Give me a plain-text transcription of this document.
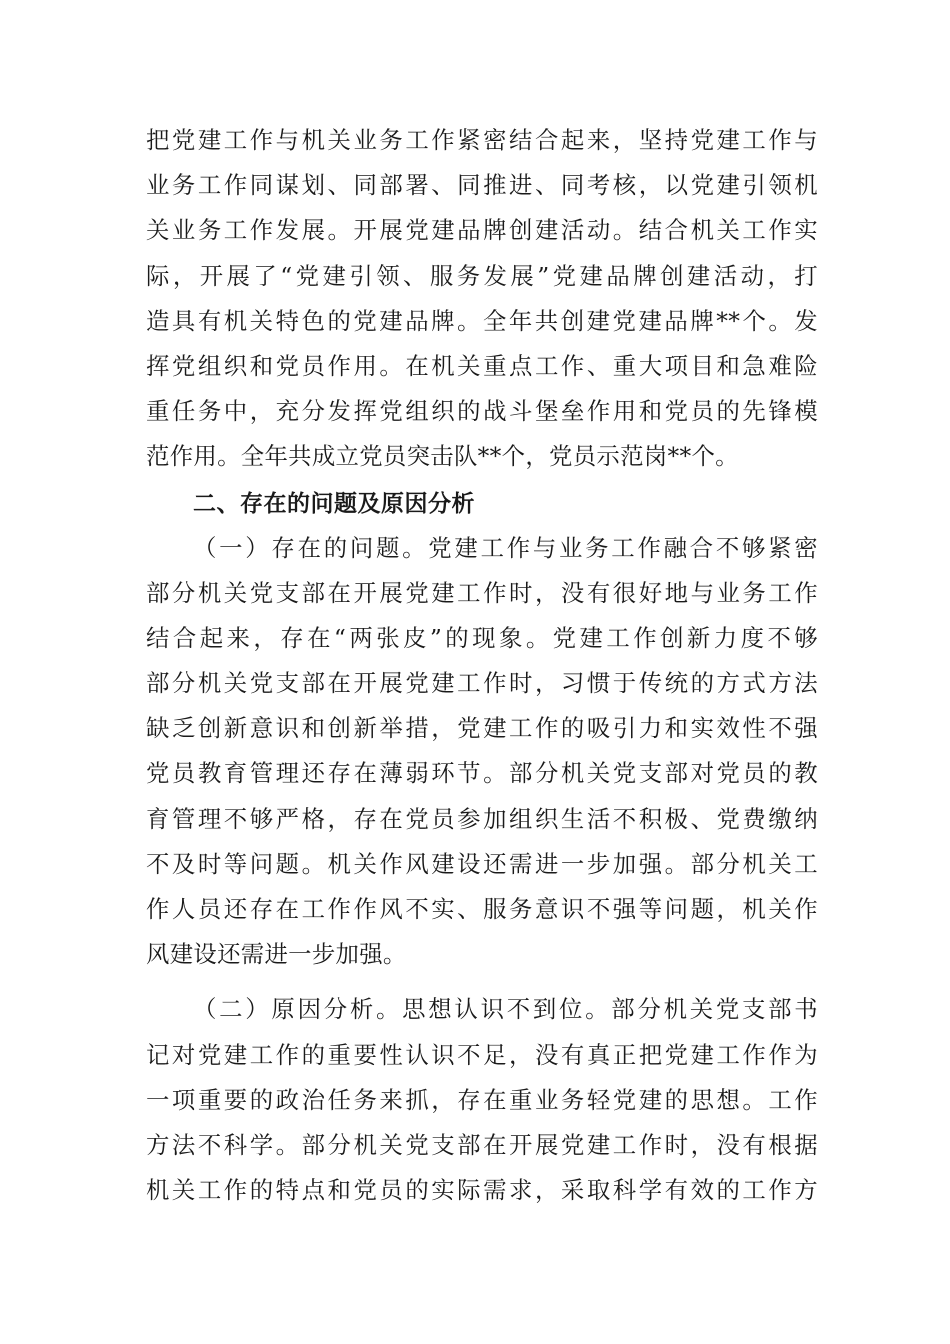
把党建工作与机关业务工作紧密结合起来，坚持党建工作与
业务工作同谋划、同部署、同推进、同考核，以党建引领机
关业务工作发展。开展党建品牌创建活动。结合机关工作实
际，开展了“党建引领、服务发展”党建品牌创建活动，打
造具有机关特色的党建品牌。全年共创建党建品牌**个。发
挥党组织和党员作用。在机关重点工作、重大项目和急难险
重任务中，充分发挥党组织的战斗堡垒作用和党员的先锋模
范作用。全年共成立党员突击队**个，党员示范岗**个。
二、存在的问题及原因分析
（一）存在的问题。党建工作与业务工作融合不够紧密
部分机关党支部在开展党建工作时，没有很好地与业务工作
结合起来，存在“两张皮”的现象。党建工作创新力度不够
部分机关党支部在开展党建工作时，习惯于传统的方式方法
缺乏创新意识和创新举措，党建工作的吸引力和实效性不强
党员教育管理还存在薄弱环节。部分机关党支部对党员的教
育管理不够严格，存在党员参加组织生活不积极、党费缴纳
不及时等问题。机关作风建设还需进一步加强。部分机关工
作人员还存在工作作风不实、服务意识不强等问题，机关作
风建设还需进一步加强。
（二）原因分析。思想认识不到位。部分机关党支部书
记对党建工作的重要性认识不足，没有真正把党建工作作为
一项重要的政治任务来抓，存在重业务轻党建的思想。工作
方法不科学。部分机关党支部在开展党建工作时，没有根据
机关工作的特点和党员的实际需求，采取科学有效的工作方
